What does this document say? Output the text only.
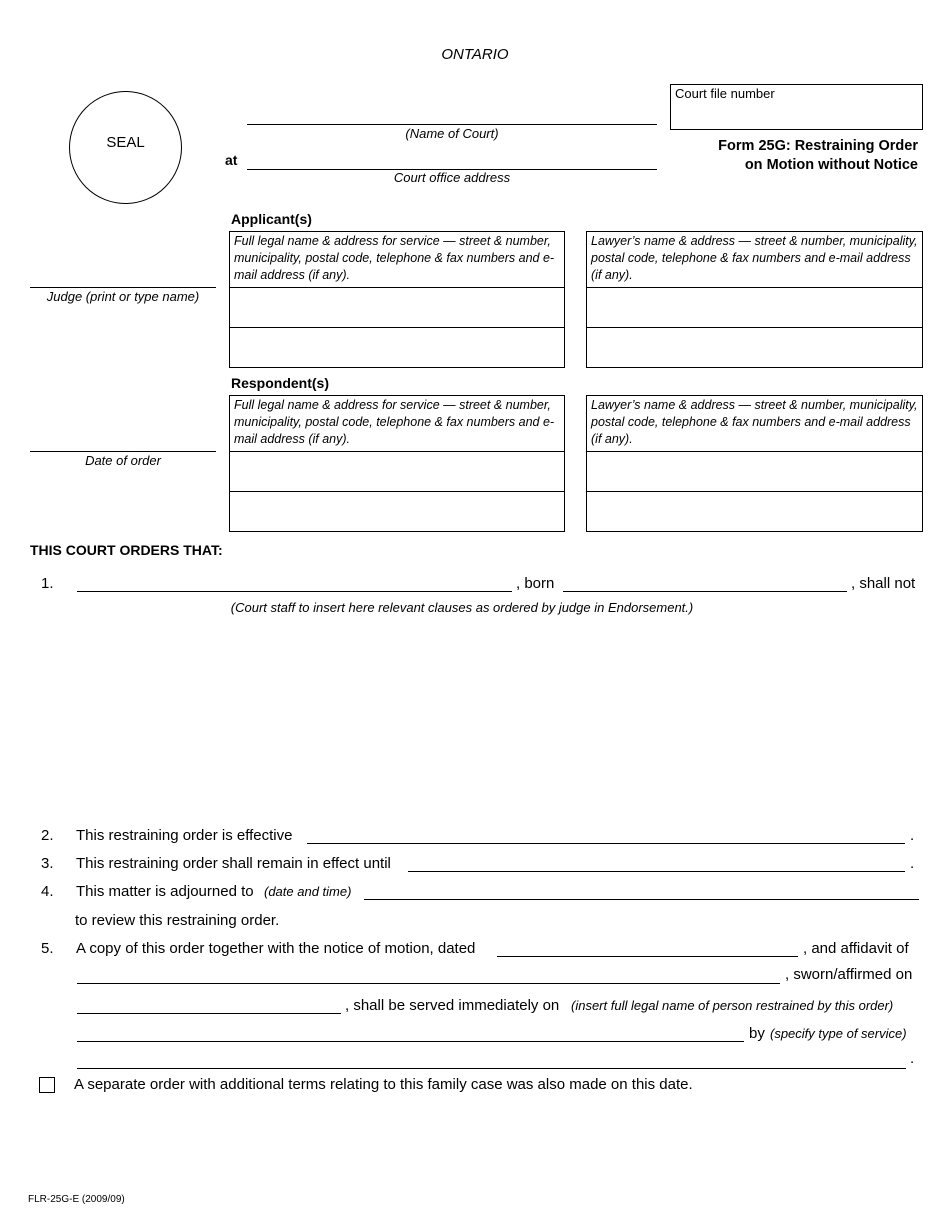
ONTARIO
SEAL
(Name of Court)
at
Court office address
Court file number
Form 25G: Restraining Order
on Motion without Notice
Judge (print or type name)
Date of order
Applicant(s)
Full legal name & address for service — street & number, municipality, postal code, telephone & fax numbers and e-mail address (if any).
Lawyer’s name & address — street & number, municipality, postal code, telephone & fax numbers and e-mail address (if any).
Respondent(s)
Full legal name & address for service — street & number, municipality, postal code, telephone & fax numbers and e-mail address (if any).
Lawyer’s name & address — street & number, municipality, postal code, telephone & fax numbers and e-mail address (if any).
THIS COURT ORDERS THAT:
1.	, born	, shall not
(Court staff to insert here relevant clauses as ordered by judge in Endorsement.)
2. This restraining order is effective	.
3. This restraining order shall remain in effect until	.
4. This matter is adjourned to (date and time)
to review this restraining order.
5. A copy of this order together with the notice of motion, dated	, and affidavit of
, sworn/affirmed on
, shall be served immediately on (insert full legal name of person restrained by this order)
by (specify type of service)
.
A separate order with additional terms relating to this family case was also made on this date.
FLR-25G-E (2009/09)
